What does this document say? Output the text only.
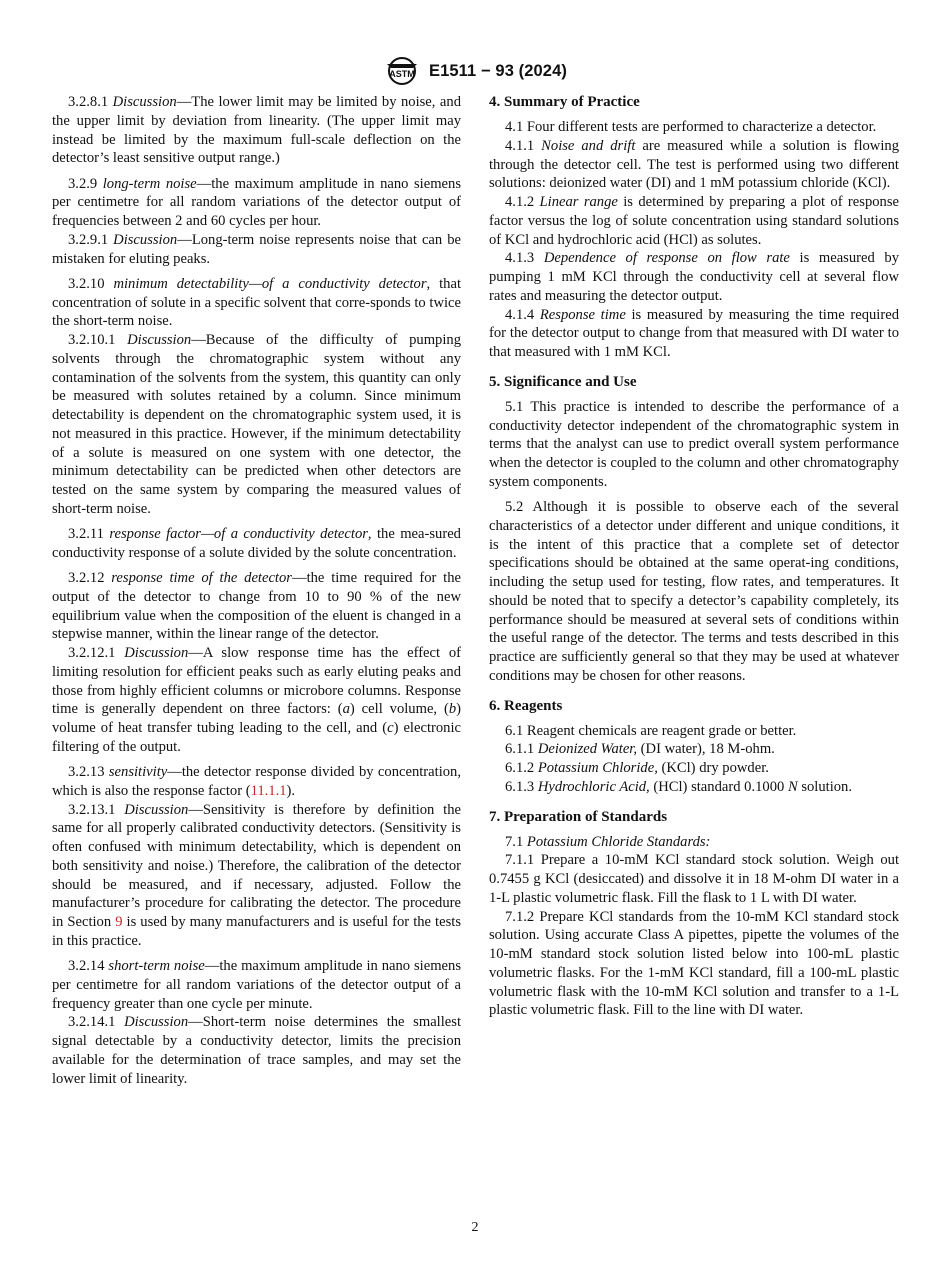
ASTM E1511 − 93 (2024)

3.2.8.1 Discussion—The lower limit may be limited by noise, and the upper limit by deviation from linearity. (The upper limit may instead be limited by the maximum full-scale deflection on the detector’s least sensitive output range.)

3.2.9 long-term noise—the maximum amplitude in nano siemens per centimetre for all random variations of the detector output of frequencies between 2 and 60 cycles per hour.

3.2.9.1 Discussion—Long-term noise represents noise that can be mistaken for eluting peaks.

3.2.10 minimum detectability—of a conductivity detector, that concentration of solute in a specific solvent that corre-sponds to twice the short-term noise.

3.2.10.1 Discussion—Because of the difficulty of pumping solvents through the chromatographic system without any contamination of the solvents from the system, this quantity can only be measured with solutes retained by a column. Since minimum detectability is dependent on the chromatographic system used, it is not measured in this practice. However, if the minimum detectability of a solute is measured on one system with one detector, the minimum detectability can be predicted when other detectors are tested on the same system by comparing the measured values of short-term noise.

3.2.11 response factor—of a conductivity detector, the mea-sured conductivity response of a solute divided by the solute concentration.

3.2.12 response time of the detector—the time required for the output of the detector to change from 10 to 90 % of the new equilibrium value when the composition of the eluent is changed in a stepwise manner, within the linear range of the detector.

3.2.12.1 Discussion—A slow response time has the effect of limiting resolution for efficient peaks such as early eluting peaks and those from highly efficient columns or microbore columns. Response time is generally dependent on three factors: (a) cell volume, (b) volume of heat transfer tubing leading to the cell, and (c) electronic filtering of the output.

3.2.13 sensitivity—the detector response divided by concentration, which is also the response factor (11.1.1).

3.2.13.1 Discussion—Sensitivity is therefore by definition the same for all properly calibrated conductivity detectors. (Sensitivity is often confused with minimum detectability, which is dependent on both sensitivity and noise.) Therefore, the calibration of the detector should be measured, and if necessary, adjusted. Follow the manufacturer’s procedure for calibrating the detector. The procedure in Section 9 is used by many manufacturers and is useful for the tests in this practice.

3.2.14 short-term noise—the maximum amplitude in nano siemens per centimetre for all random variations of the detector output of a frequency greater than one cycle per minute.

3.2.14.1 Discussion—Short-term noise determines the smallest signal detectable by a conductivity detector, limits the precision available for the determination of trace samples, and may set the lower limit of linearity.

4. Summary of Practice

4.1 Four different tests are performed to characterize a detector.

4.1.1 Noise and drift are measured while a solution is flowing through the detector cell. The test is performed using two different solutions: deionized water (DI) and 1 mM potassium chloride (KCl).

4.1.2 Linear range is determined by preparing a plot of response factor versus the log of solute concentration using standard solutions of KCl and hydrochloric acid (HCl) as solutes.

4.1.3 Dependence of response on flow rate is measured by pumping 1 mM KCl through the conductivity cell at several flow rates and measuring the detector output.

4.1.4 Response time is measured by measuring the time required for the detector output to change from that measured with DI water to that measured with 1 mM KCl.

5. Significance and Use

5.1 This practice is intended to describe the performance of a conductivity detector independent of the chromatographic system in terms that the analyst can use to predict overall system performance when the detector is coupled to the column and other chromatography system components.

5.2 Although it is possible to observe each of the several characteristics of a detector under different and unique conditions, it is the intent of this practice that a complete set of detector specifications should be obtained at the same operat-ing conditions, including the setup used for testing, flow rates, and temperatures. It should be noted that to specify a detector’s capability completely, its performance should be measured at several sets of conditions within the useful range of the detector. The terms and tests described in this practice are sufficiently general so that they may be used at whatever conditions may be chosen for other reasons.

6. Reagents

6.1 Reagent chemicals are reagent grade or better.

6.1.1 Deionized Water, (DI water), 18 M-ohm.

6.1.2 Potassium Chloride, (KCl) dry powder.

6.1.3 Hydrochloric Acid, (HCl) standard 0.1000 N solution.

7. Preparation of Standards

7.1 Potassium Chloride Standards:

7.1.1 Prepare a 10-mM KCl standard stock solution. Weigh out 0.7455 g KCl (desiccated) and dissolve it in 18 M-ohm DI water in a 1-L plastic volumetric flask. Fill the flask to 1 L with DI water.

7.1.2 Prepare KCl standards from the 10-mM KCl standard stock solution. Using accurate Class A pipettes, pipette the volumes of the 10-mM standard stock solution listed below into 100-mL plastic volumetric flasks. For the 1-mM KCl standard, fill a 100-mL plastic volumetric flask with the 10-mM KCl solution and transfer to a 1-L plastic volumetric flask. Fill to the line with DI water.

2
